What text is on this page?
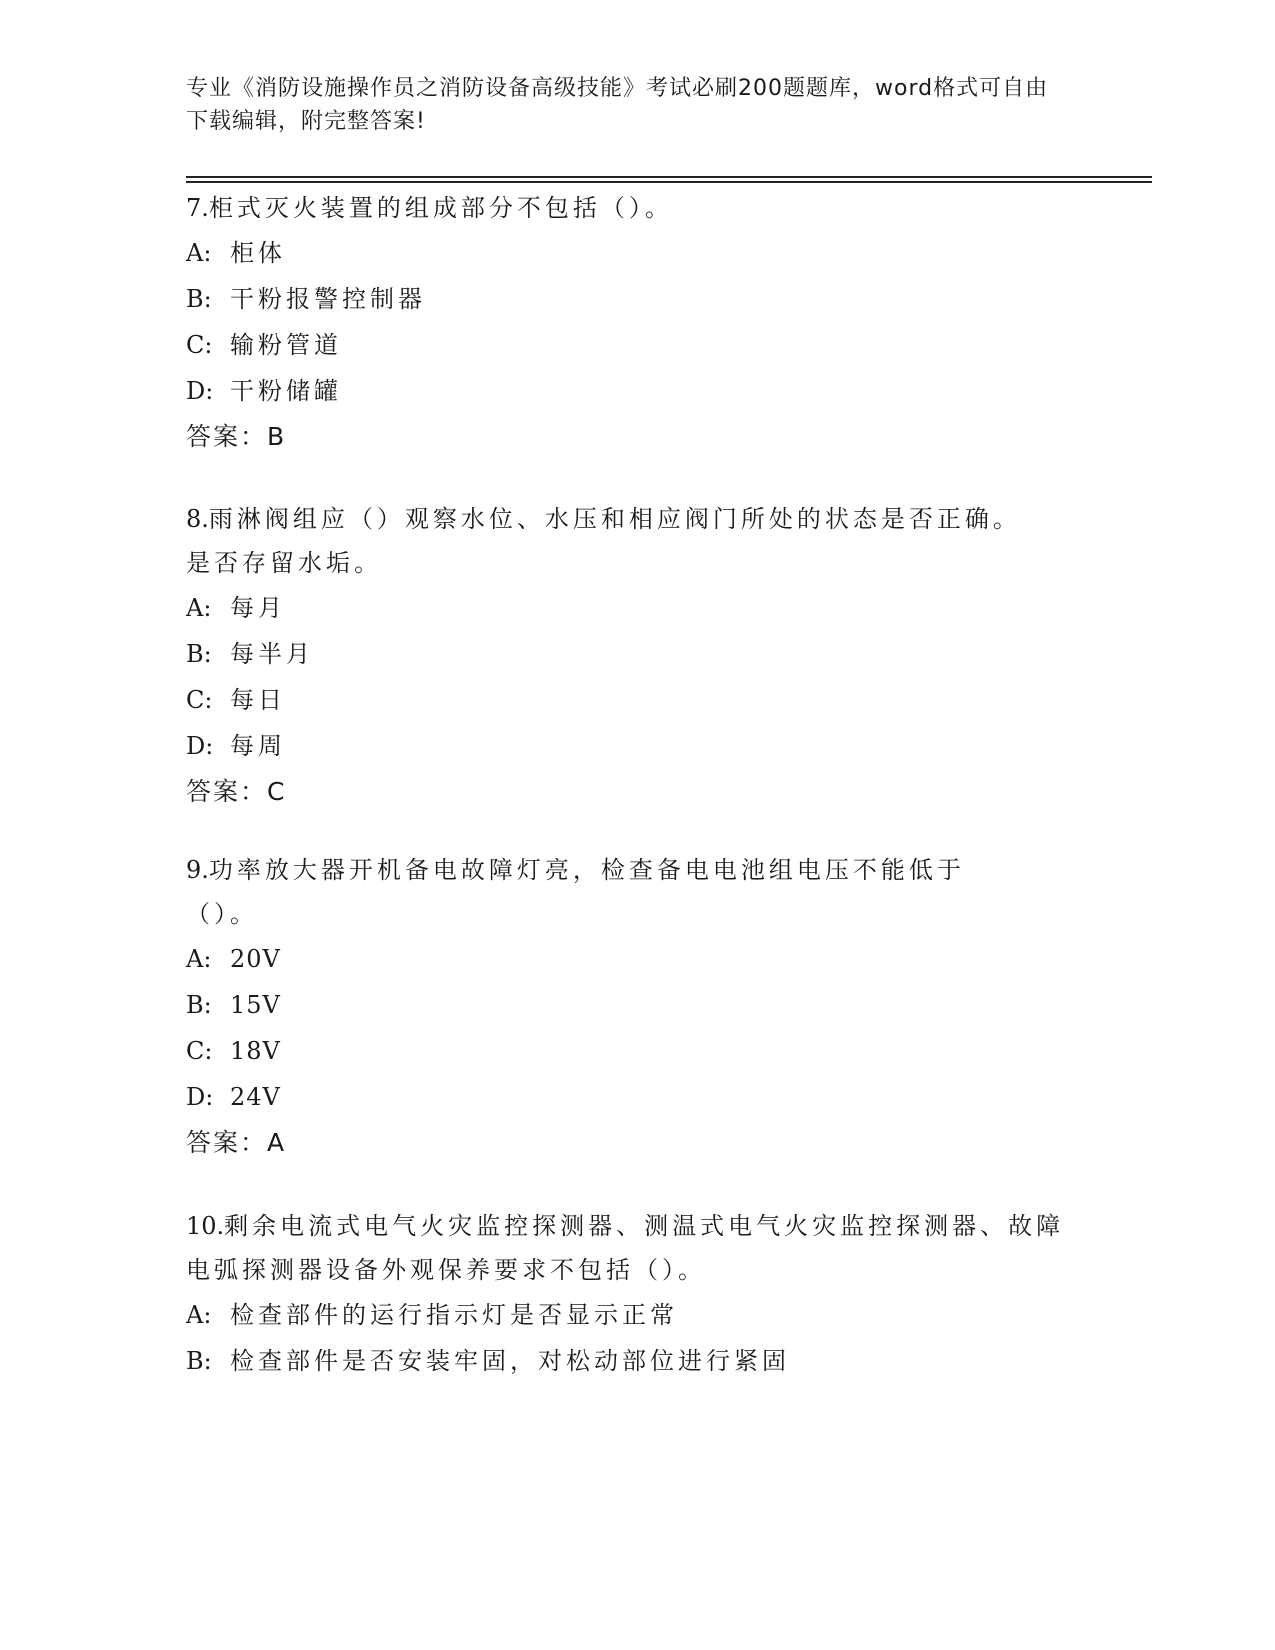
专业《消防设施操作员之消防设备高级技能》考试必刷200题题库，word格式可自由下载编辑，附完整答案!

7.柜式灭火装置的组成部分不包括（）。

A: 柜体
B: 干粉报警控制器
C: 输粉管道
D: 干粉储罐
答案：B

8.雨淋阀组应（）观察水位、水压和相应阀门所处的状态是否正确。是否存留水垢。

A: 每月
B: 每半月
C: 每日
D: 每周
答案：C

9.功率放大器开机备电故障灯亮，检查备电电池组电压不能低于（）。

A: 20V
B: 15V
C: 18V
D: 24V
答案：A

10.剩余电流式电气火灾监控探测器、测温式电气火灾监控探测器、故障电弧探测器设备外观保养要求不包括（）。

A: 检查部件的运行指示灯是否显示正常
B: 检查部件是否安装牢固，对松动部位进行紧固
